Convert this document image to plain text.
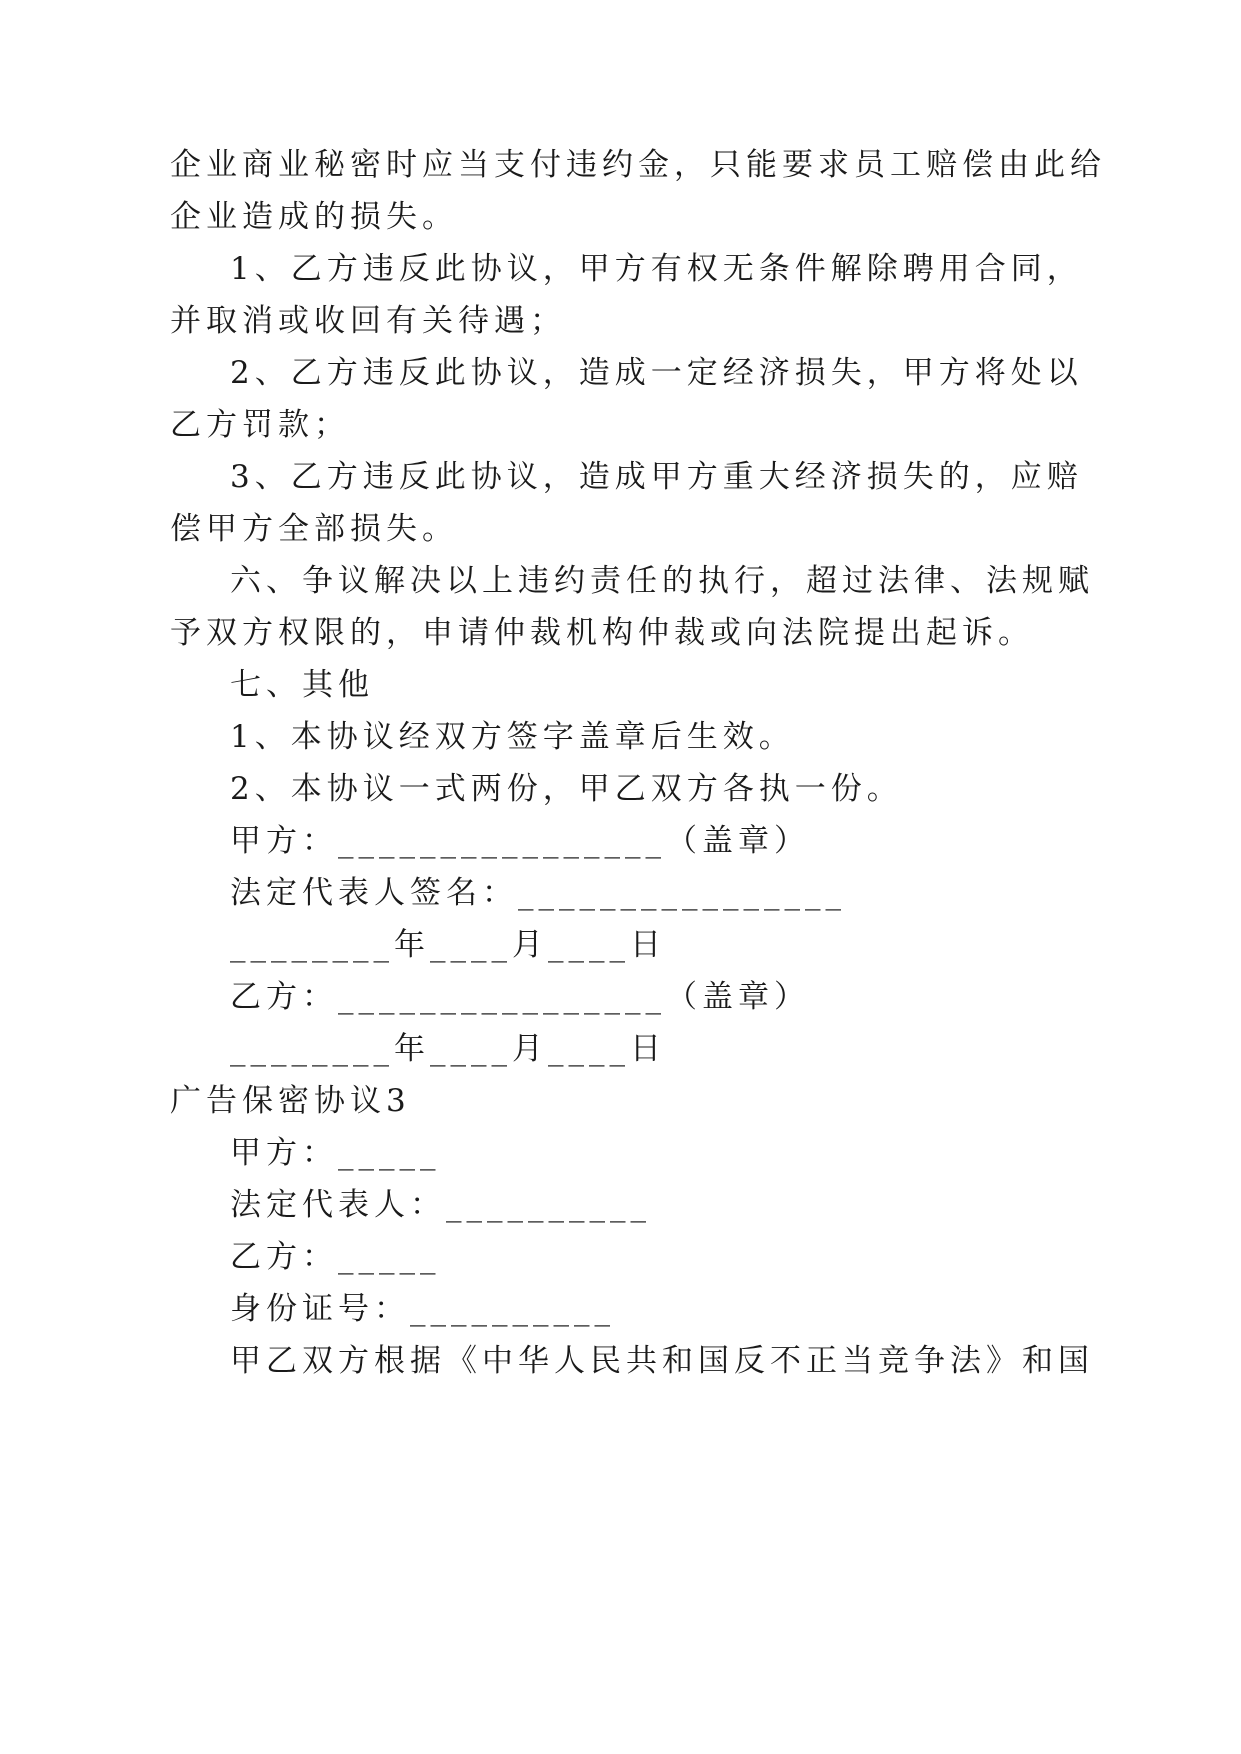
企业商业秘密时应当支付违约金，只能要求员工赔偿由此给
企业造成的损失。
1、乙方违反此协议，甲方有权无条件解除聘用合同，
并取消或收回有关待遇；
2、乙方违反此协议，造成一定经济损失，甲方将处以
乙方罚款；
3、乙方违反此协议，造成甲方重大经济损失的，应赔
偿甲方全部损失。
六、争议解决以上违约责任的执行，超过法律、法规赋
予双方权限的，申请仲裁机构仲裁或向法院提出起诉。
七、其他
1、本协议经双方签字盖章后生效。
2、本协议一式两份，甲乙双方各执一份。
甲方：________________（盖章）
法定代表人签名：________________
________年____月____日
乙方：________________（盖章）
________年____月____日
广告保密协议3
甲方：_____
法定代表人：__________
乙方：_____
身份证号：__________
甲乙双方根据《中华人民共和国反不正当竞争法》和国
